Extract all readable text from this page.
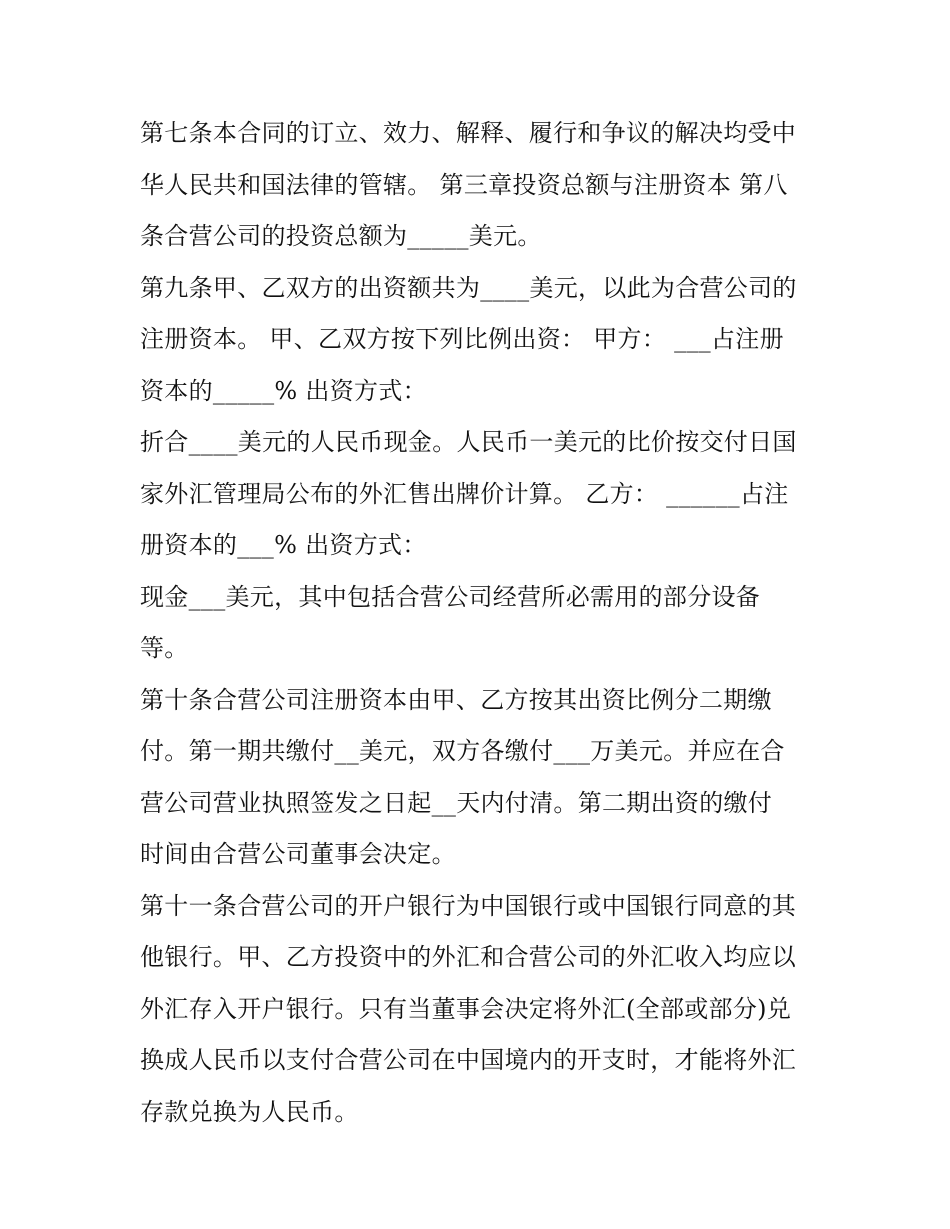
第七条本合同的订立、效力、解释、履行和争议的解决均受中
华人民共和国法律的管辖。 第三章投资总额与注册资本 第八
条合营公司的投资总额为_____美元。
第九条甲、乙双方的出资额共为____美元，以此为合营公司的
注册资本。 甲、乙双方按下列比例出资： 甲方： ___占注册
资本的_____% 出资方式：
折合____美元的人民币现金。人民币一美元的比价按交付日国
家外汇管理局公布的外汇售出牌价计算。 乙方： ______占注
册资本的___% 出资方式：
现金___美元，其中包括合营公司经营所必需用的部分设备
等。
第十条合营公司注册资本由甲、乙方按其出资比例分二期缴
付。第一期共缴付__美元，双方各缴付___万美元。并应在合
营公司营业执照签发之日起__天内付清。第二期出资的缴付
时间由合营公司董事会决定。
第十一条合营公司的开户银行为中国银行或中国银行同意的其
他银行。甲、乙方投资中的外汇和合营公司的外汇收入均应以
外汇存入开户银行。只有当董事会决定将外汇(全部或部分)兑
换成人民币以支付合营公司在中国境内的开支时，才能将外汇
存款兑换为人民币。
